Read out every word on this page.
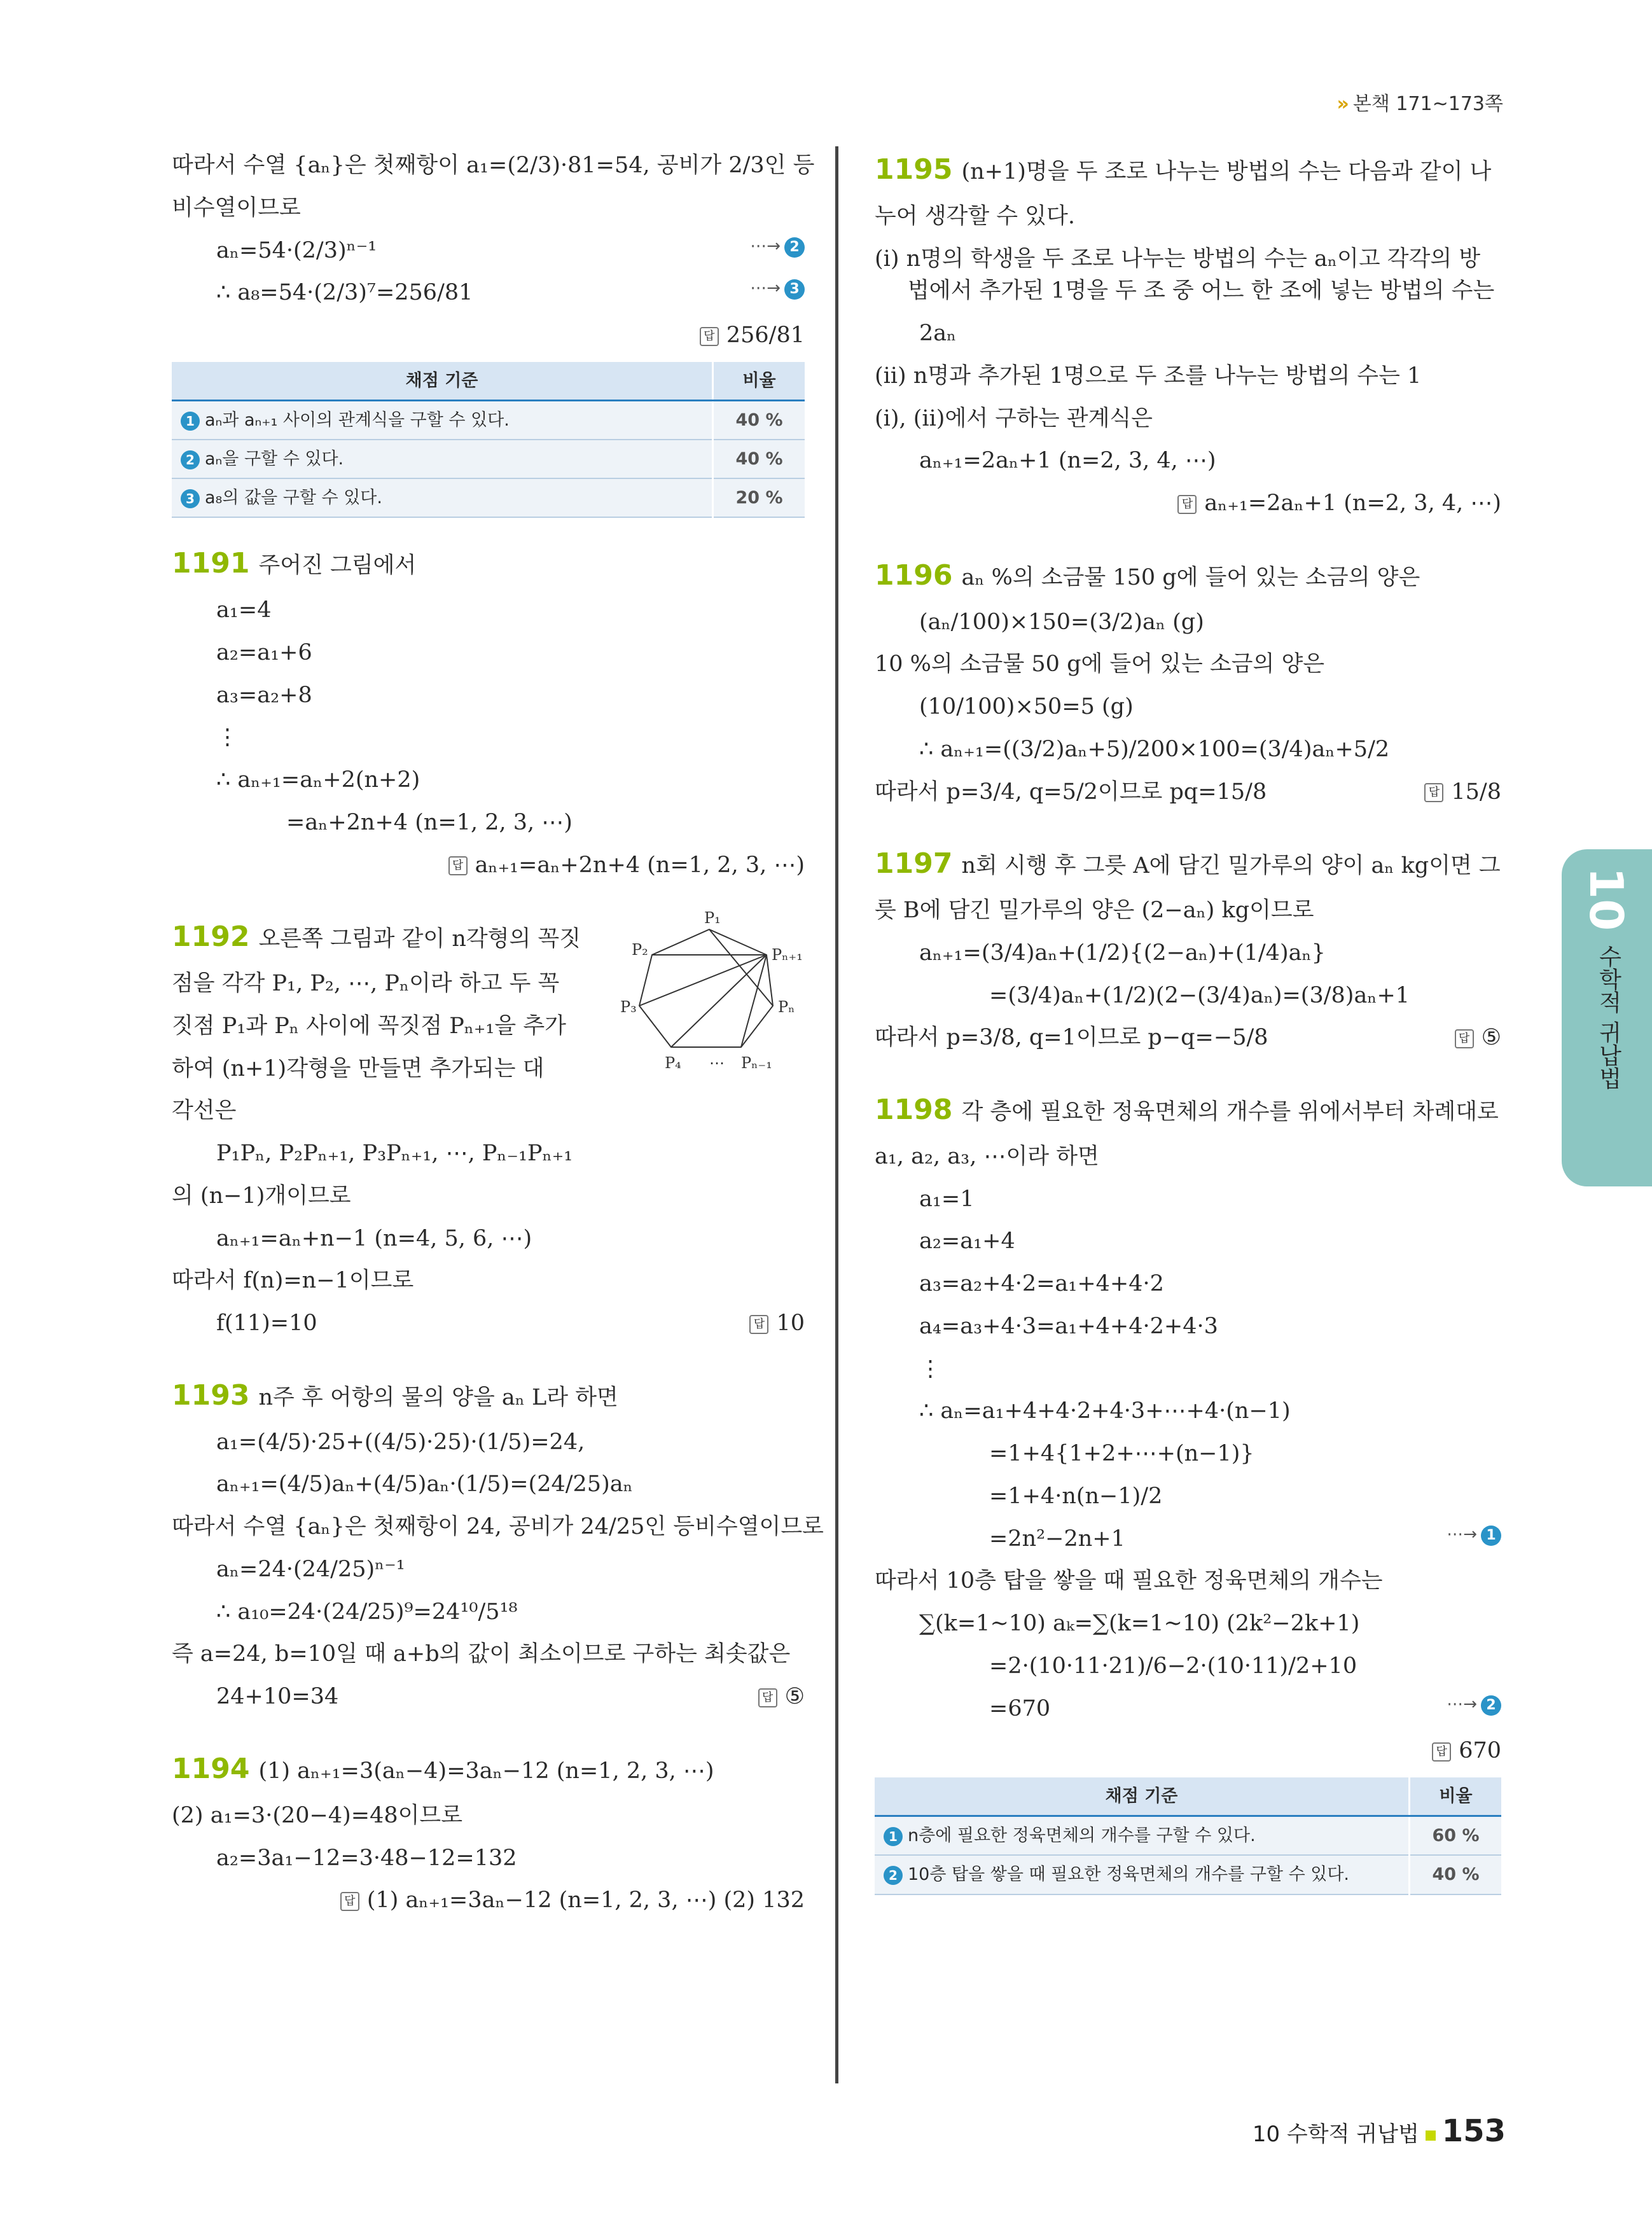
» 본책 171~173쪽
따라서 수열 {aₙ}은 첫째항이 a₁=(2/3)·81=54, 공비가 2/3인 등
비수열이므로
aₙ=54·(2/3)ⁿ⁻¹	⋯→ 2
∴ a₈=54·(2/3)⁷=256/81	⋯→ 3
답 256/81
채점 기준	비율
1 aₙ과 aₙ₊₁ 사이의 관계식을 구할 수 있다.	40 %
2 aₙ을 구할 수 있다.	40 %
3 a₈의 값을 구할 수 있다.	20 %
1191 주어진 그림에서
a₁=4
a₂=a₁+6
a₃=a₂+8
⋮
∴ aₙ₊₁=aₙ+2(n+2)
=aₙ+2n+4 (n=1, 2, 3, ⋯)
답 aₙ₊₁=aₙ+2n+4 (n=1, 2, 3, ⋯)
P₁
P₂
P₃
P₄
Pₙ₊₁
Pₙ
Pₙ₋₁
⋯
1192 오른쪽 그림과 같이 n각형의 꼭짓
점을 각각 P₁, P₂, ⋯, Pₙ이라 하고 두 꼭
짓점 P₁과 Pₙ 사이에 꼭짓점 Pₙ₊₁을 추가
하여 (n+1)각형을 만들면 추가되는 대
각선은
P₁Pₙ, P₂Pₙ₊₁, P₃Pₙ₊₁, ⋯, Pₙ₋₁Pₙ₊₁
의 (n−1)개이므로
aₙ₊₁=aₙ+n−1 (n=4, 5, 6, ⋯)
따라서 f(n)=n−1이므로
f(11)=10	답 10
1193 n주 후 어항의 물의 양을 aₙ L라 하면
a₁=(4/5)·25+((4/5)·25)·(1/5)=24,
aₙ₊₁=(4/5)aₙ+(4/5)aₙ·(1/5)=(24/25)aₙ
따라서 수열 {aₙ}은 첫째항이 24, 공비가 24/25인 등비수열이므로
aₙ=24·(24/25)ⁿ⁻¹
∴ a₁₀=24·(24/25)⁹=24¹⁰/5¹⁸
즉 a=24, b=10일 때 a+b의 값이 최소이므로 구하는 최솟값은
24+10=34	답 ⑤
1194 (1) aₙ₊₁=3(aₙ−4)=3aₙ−12 (n=1, 2, 3, ⋯)
(2) a₁=3·(20−4)=48이므로
a₂=3a₁−12=3·48−12=132
답 (1) aₙ₊₁=3aₙ−12 (n=1, 2, 3, ⋯) (2) 132
1195 (n+1)명을 두 조로 나누는 방법의 수는 다음과 같이 나
누어 생각할 수 있다.
(ⅰ) n명의 학생을 두 조로 나누는 방법의 수는 aₙ이고 각각의 방법에서 추가된 1명을 두 조 중 어느 한 조에 넣는 방법의 수는
2aₙ
(ⅱ) n명과 추가된 1명으로 두 조를 나누는 방법의 수는 1
(ⅰ), (ⅱ)에서 구하는 관계식은
aₙ₊₁=2aₙ+1 (n=2, 3, 4, ⋯)
답 aₙ₊₁=2aₙ+1 (n=2, 3, 4, ⋯)
1196 aₙ %의 소금물 150 g에 들어 있는 소금의 양은
(aₙ/100)×150=(3/2)aₙ (g)
10 %의 소금물 50 g에 들어 있는 소금의 양은
(10/100)×50=5 (g)
∴ aₙ₊₁=((3/2)aₙ+5)/200×100=(3/4)aₙ+5/2
따라서 p=3/4, q=5/2이므로 pq=15/8	답 15/8
1197 n회 시행 후 그릇 A에 담긴 밀가루의 양이 aₙ kg이면 그
릇 B에 담긴 밀가루의 양은 (2−aₙ) kg이므로
aₙ₊₁=(3/4)aₙ+(1/2){(2−aₙ)+(1/4)aₙ}
=(3/4)aₙ+(1/2)(2−(3/4)aₙ)=(3/8)aₙ+1
따라서 p=3/8, q=1이므로 p−q=−5/8	답 ⑤
1198 각 층에 필요한 정육면체의 개수를 위에서부터 차례대로
a₁, a₂, a₃, ⋯이라 하면
a₁=1
a₂=a₁+4
a₃=a₂+4·2=a₁+4+4·2
a₄=a₃+4·3=a₁+4+4·2+4·3
⋮
∴ aₙ=a₁+4+4·2+4·3+⋯+4·(n−1)
=1+4{1+2+⋯+(n−1)}
=1+4·n(n−1)/2
=2n²−2n+1	⋯→ 1
따라서 10층 탑을 쌓을 때 필요한 정육면체의 개수는
∑(k=1~10) aₖ=∑(k=1~10) (2k²−2k+1)
=2·(10·11·21)/6−2·(10·11)/2+10
=670	⋯→ 2
답 670
채점 기준	비율
1 n층에 필요한 정육면체의 개수를 구할 수 있다.	60 %
2 10층 탑을 쌓을 때 필요한 정육면체의 개수를 구할 수 있다.	40 %
10
수학적 귀납법
10 수학적 귀납법 153
